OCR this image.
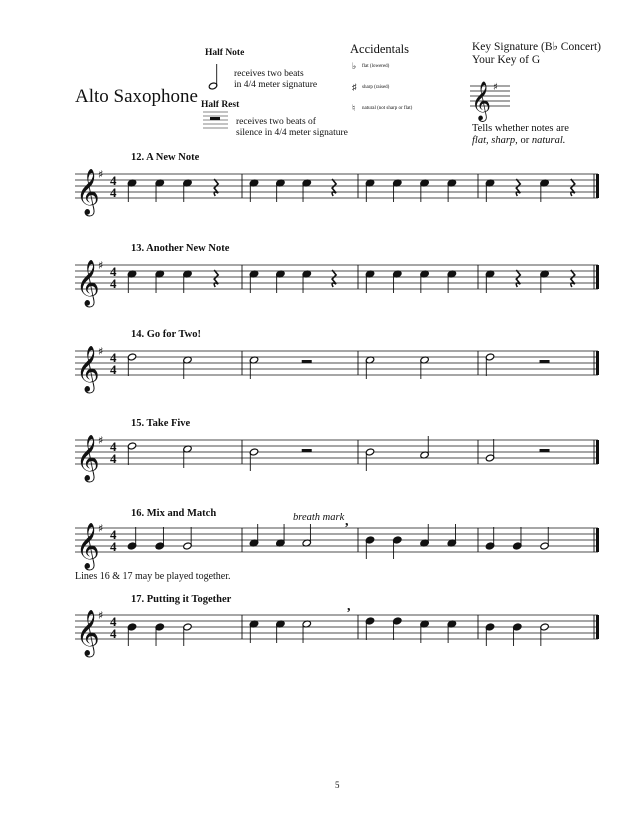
Alto Saxophone
Half Note
receives two beats
in 4/4 meter signature
Half Rest
receives two beats of
silence in 4/4 meter signature
Accidentals
♭ flat (lowered)
♯ sharp (raised)
♮ natural (not sharp or flat)
Key Signature (B♭ Concert)
Your Key of G
Tells whether notes are
flat, sharp, or natural.
12. A New Note
13. Another New Note
14. Go for Two!
15. Take Five
16. Mix and Match	breath mark
17. Putting it Together
Lines 16 & 17 may be played together.
5
𝄞
♯ 4
4
𝄞
♯ 4
4
𝄞
♯ 4
4
𝄞
♯ 4
4
𝄞
♯ 4
4
𝄞
♯ 4
4
,
,
𝄞 ♯
